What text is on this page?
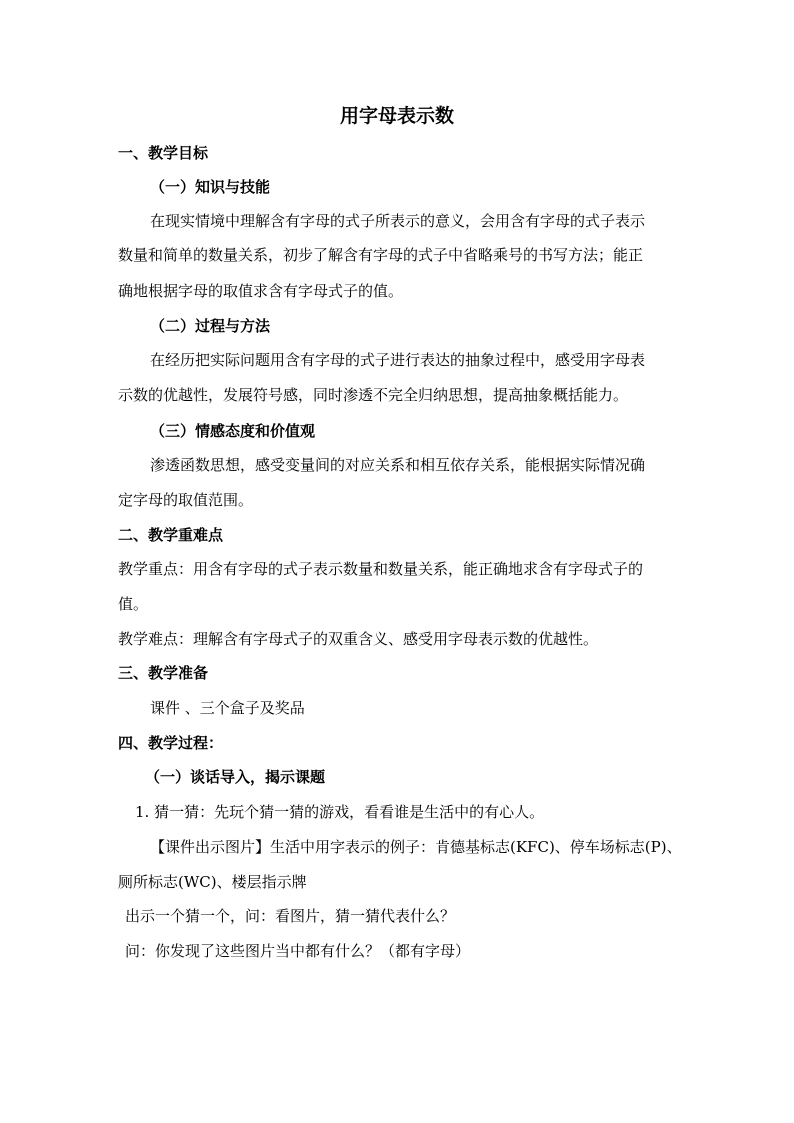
用字母表示数
一、教学目标
（一）知识与技能
在现实情境中理解含有字母的式子所表示的意义，会用含有字母的式子表示
数量和简单的数量关系，初步了解含有字母的式子中省略乘号的书写方法；能正
确地根据字母的取值求含有字母式子的值。
（二）过程与方法
在经历把实际问题用含有字母的式子进行表达的抽象过程中，感受用字母表
示数的优越性，发展符号感，同时渗透不完全归纳思想，提高抽象概括能力。
（三）情感态度和价值观
渗透函数思想，感受变量间的对应关系和相互依存关系，能根据实际情况确
定字母的取值范围。
二、教学重难点
教学重点：用含有字母的式子表示数量和数量关系，能正确地求含有字母式子的
值。
教学难点：理解含有字母式子的双重含义、感受用字母表示数的优越性。
三、教学准备
课件 、三个盒子及奖品
四、教学过程：
（一）谈话导入，揭示课题
1. 猜一猜：先玩个猜一猜的游戏，看看谁是生活中的有心人。
【课件出示图片】生活中用字表示的例子：肯德基标志(KFC)、停车场标志(P)、
厕所标志(WC)、楼层指示牌
出示一个猜一个，问：看图片，猜一猜代表什么？
问：你发现了这些图片当中都有什么？（都有字母）
